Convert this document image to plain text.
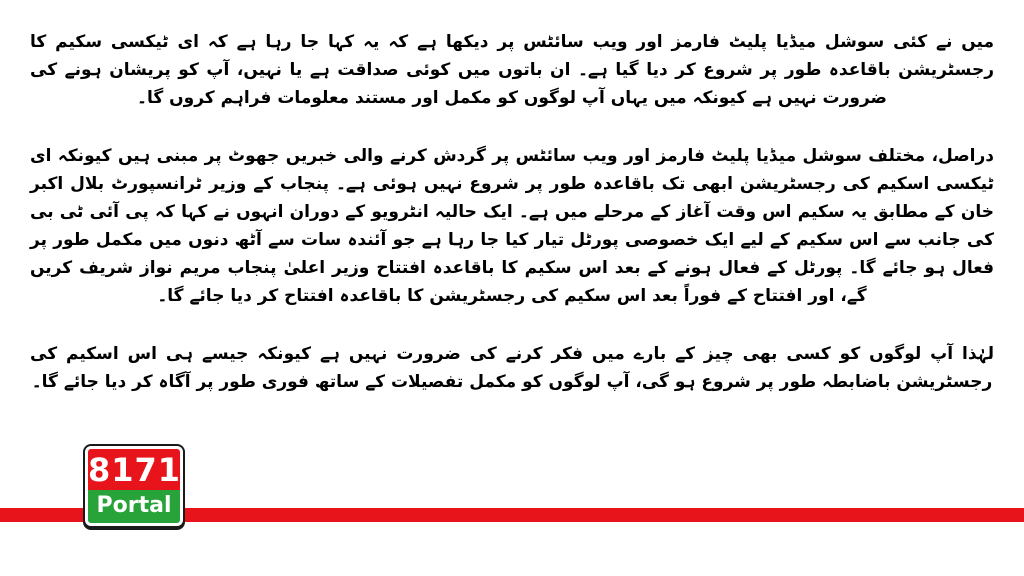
میں نے کئی سوشل میڈیا پلیٹ فارمز اور ویب سائٹس پر دیکھا ہے کہ یہ کہا جا رہا ہے کہ ای ٹیکسی سکیم کا رجسٹریشن باقاعدہ طور پر شروع کر دیا گیا ہے۔ ان باتوں میں کوئی صداقت ہے یا نہیں، آپ کو پریشان ہونے کی ضرورت نہیں ہے کیونکہ میں یہاں آپ لوگوں کو مکمل اور مستند معلومات فراہم کروں گا۔

دراصل، مختلف سوشل میڈیا پلیٹ فارمز اور ویب سائٹس پر گردش کرنے والی خبریں جھوٹ پر مبنی ہیں کیونکہ ای ٹیکسی اسکیم کی رجسٹریشن ابھی تک باقاعدہ طور پر شروع نہیں ہوئی ہے۔ پنجاب کے وزیر ٹرانسپورٹ بلال اکبر خان کے مطابق یہ سکیم اس وقت آغاز کے مرحلے میں ہے۔ ایک حالیہ انٹرویو کے دوران انہوں نے کہا کہ پی آئی ٹی بی کی جانب سے اس سکیم کے لیے ایک خصوصی پورٹل تیار کیا جا رہا ہے جو آئندہ سات سے آٹھ دنوں میں مکمل طور پر فعال ہو جائے گا۔ پورٹل کے فعال ہونے کے بعد اس سکیم کا باقاعدہ افتتاح وزیر اعلیٰ پنجاب مریم نواز شریف کریں گے، اور افتتاح کے فوراً بعد اس سکیم کی رجسٹریشن کا باقاعدہ افتتاح کر دیا جائے گا۔

لہٰذا آپ لوگوں کو کسی بھی چیز کے بارے میں فکر کرنے کی ضرورت نہیں ہے کیونکہ جیسے ہی اس اسکیم کی رجسٹریشن باضابطہ طور پر شروع ہو گی، آپ لوگوں کو مکمل تفصیلات کے ساتھ فوری طور پر آگاہ کر دیا جائے گا۔

8171
Portal
